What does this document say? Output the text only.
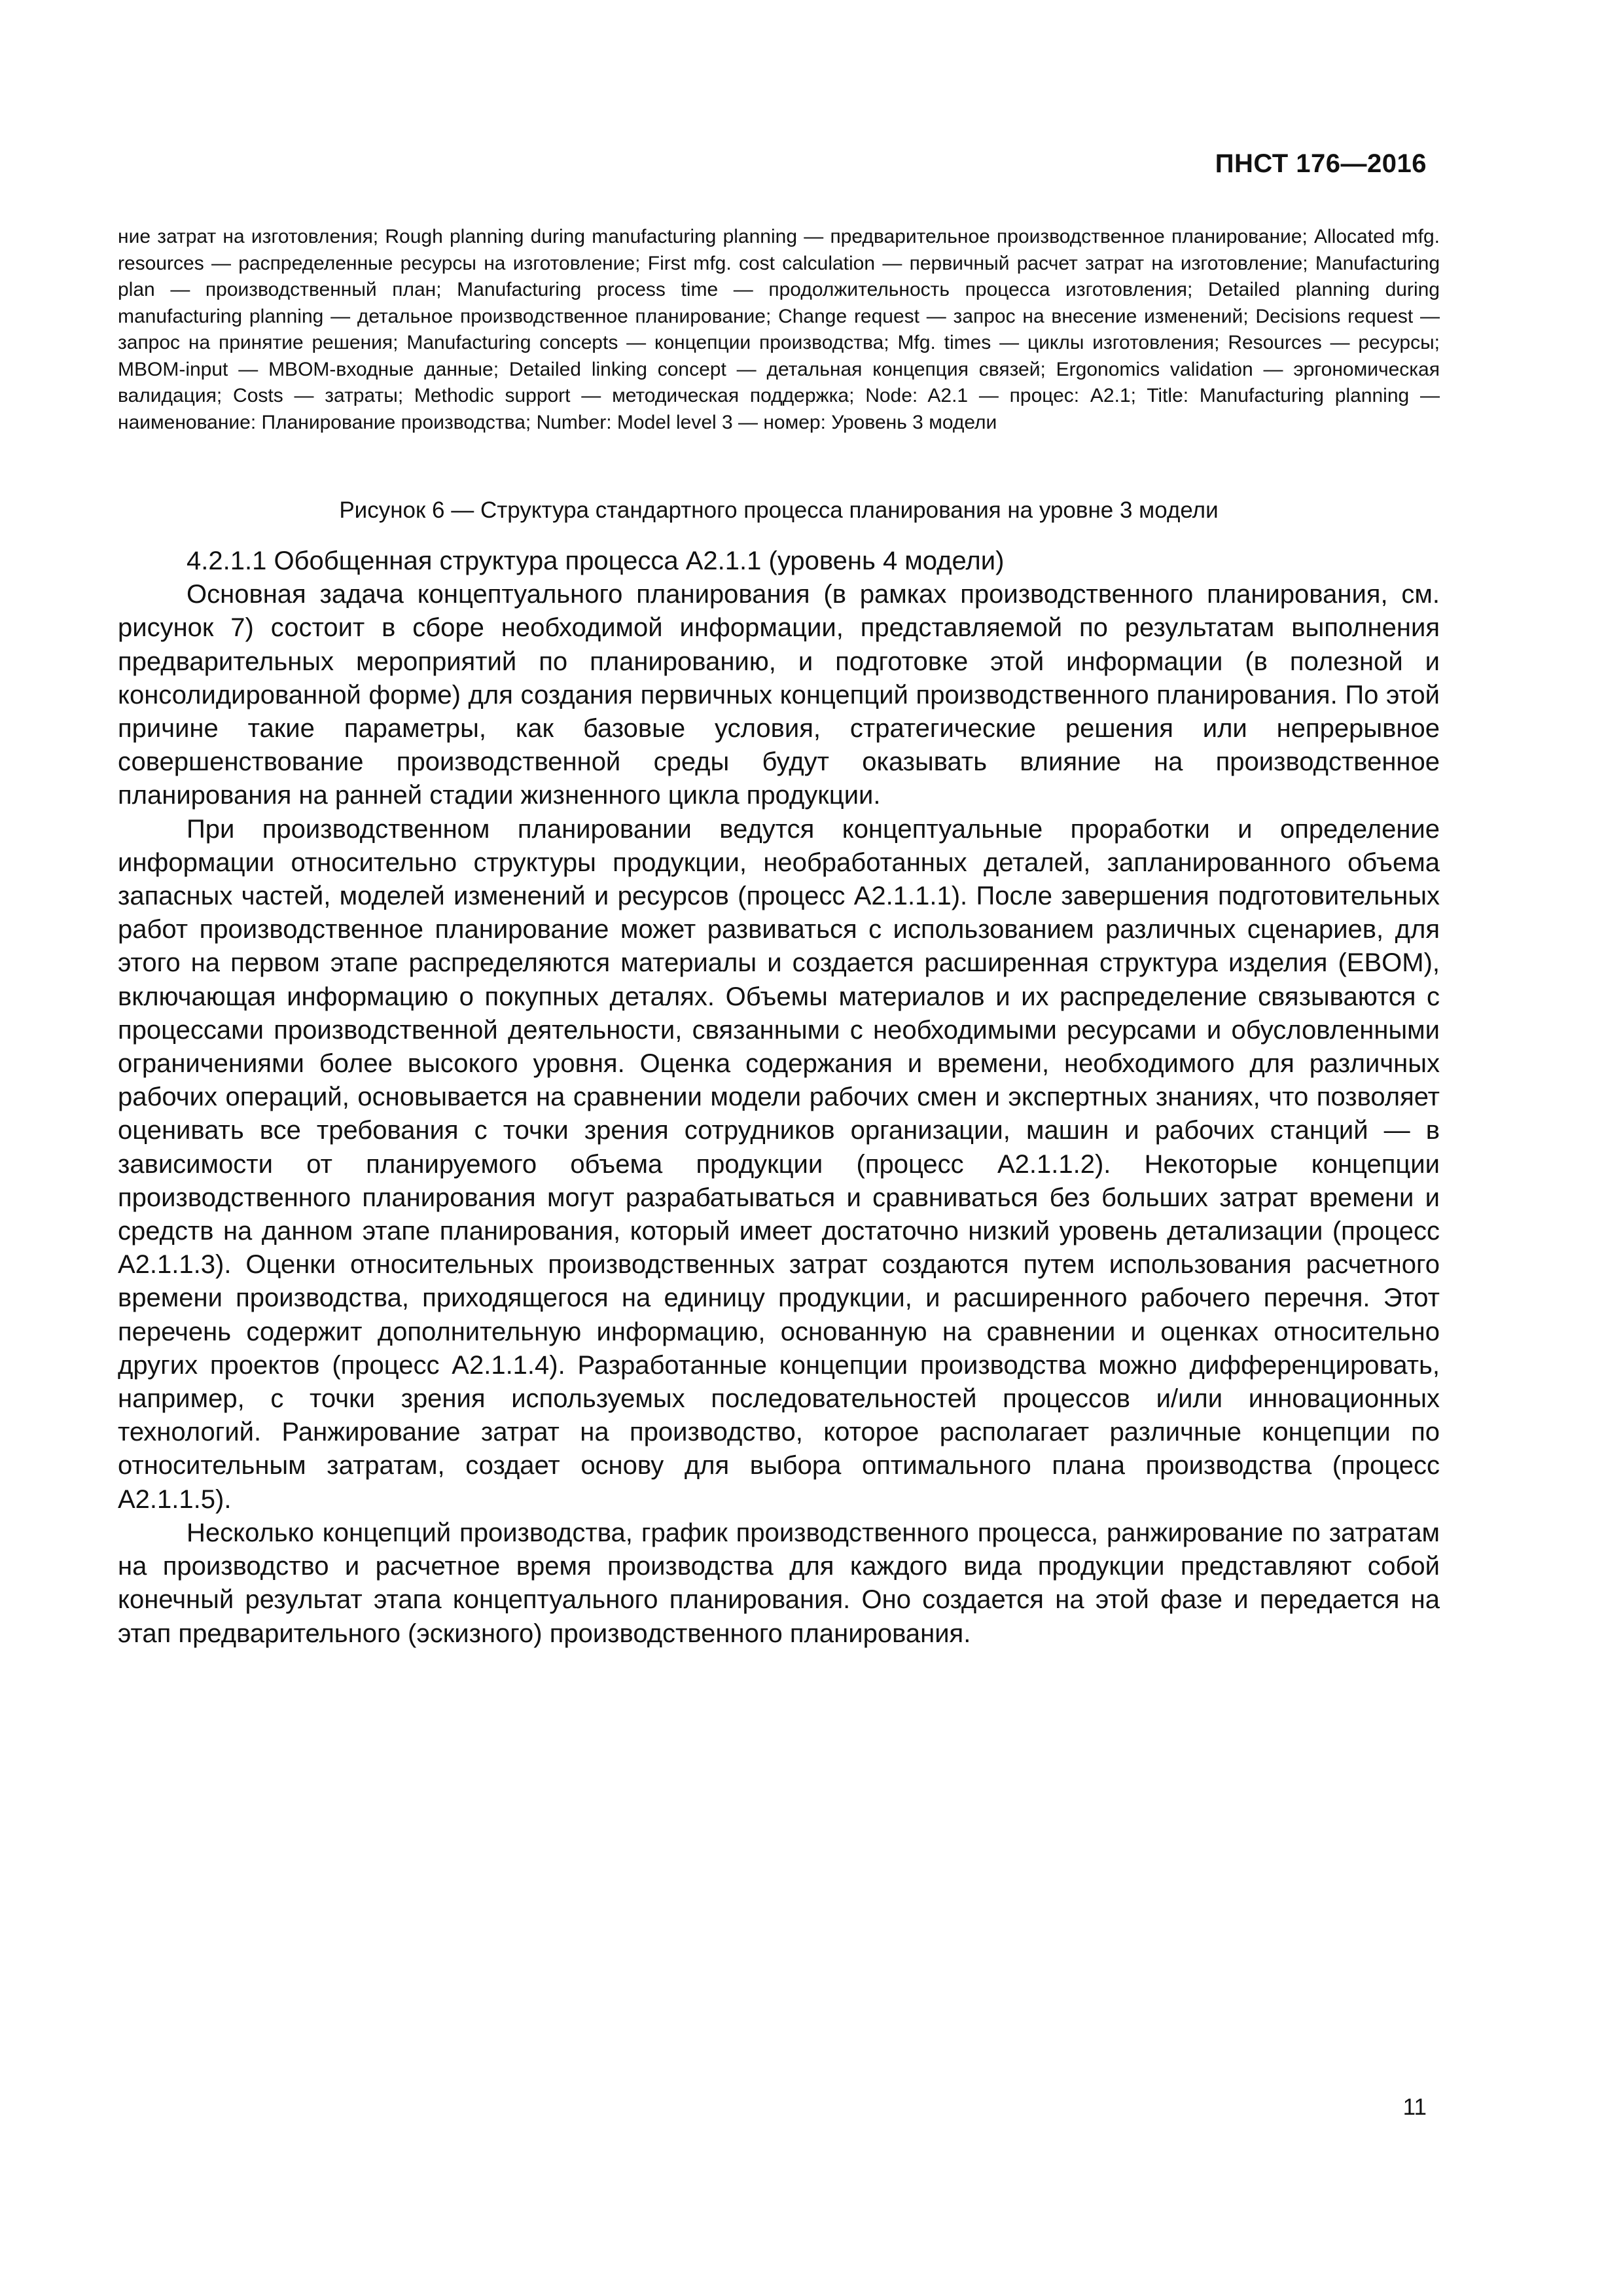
ПНСТ 176—2016
ние затрат на изготовления; Rough planning during manufacturing planning — предварительное производственное планирование; Allocated mfg. resources — распределенные ресурсы на изготовление; First mfg. cost calculation — первичный расчет затрат на изготовление; Manufacturing plan — производственный план; Manufacturing process time — продолжительность процесса изготовления; Detailed planning during manufacturing planning — детальное производственное планирование; Change request — запрос на внесение изменений; Decisions request — запрос на принятие решения; Manufacturing concepts — концепции производства; Mfg. times — циклы изготовления; Resources — ресурсы; MBOM-input — MBOM-входные данные; Detailed linking concept — детальная концепция связей; Ergonomics validation — эргономическая валидация; Costs — затраты; Methodic support — методическая поддержка; Node: A2.1 — процес: A2.1; Title: Manufacturing planning — наименование: Планирование производства; Number: Model level 3 — номер: Уровень 3 модели
Рисунок 6 — Структура стандартного процесса планирования на уровне 3 модели

4.2.1.1 Обобщенная структура процесса A2.1.1 (уровень 4 модели)

Основная задача концептуального планирования (в рамках производственного планирования, см. рисунок 7) состоит в сборе необходимой информации, представляемой по результатам выполнения предварительных мероприятий по планированию, и подготовке этой информации (в полезной и консолидированной форме) для создания первичных концепций производственного планирования. По этой причине такие параметры, как базовые условия, стратегические решения или непрерывное совершенствование производственной среды будут оказывать влияние на производственное планирования на ранней стадии жизненного цикла продукции.

При производственном планировании ведутся концептуальные проработки и определение информации относительно структуры продукции, необработанных деталей, запланированного объема запасных частей, моделей изменений и ресурсов (процесс A2.1.1.1). После завершения подготовительных работ производственное планирование может развиваться с использованием различных сценариев, для этого на первом этапе распределяются материалы и создается расширенная структура изделия (EBOM), включающая информацию о покупных деталях. Объемы материалов и их распределение связываются с процессами производственной деятельности, связанными с необходимыми ресурсами и обусловленными ограничениями более высокого уровня. Оценка содержания и времени, необходимого для различных рабочих операций, основывается на сравнении модели рабочих смен и экспертных знаниях, что позволяет оценивать все требования с точки зрения сотрудников организации, машин и рабочих станций — в зависимости от планируемого объема продукции (процесс A2.1.1.2). Некоторые концепции производственного планирования могут разрабатываться и сравниваться без больших затрат времени и средств на данном этапе планирования, который имеет достаточно низкий уровень детализации (процесс A2.1.1.3). Оценки относительных производственных затрат создаются путем использования расчетного времени производства, приходящегося на единицу продукции, и расширенного рабочего перечня. Этот перечень содержит дополнительную информацию, основанную на сравнении и оценках относительно других проектов (процесс A2.1.1.4). Разработанные концепции производства можно дифференцировать, например, с точки зрения используемых последовательностей процессов и/или инновационных технологий. Ранжирование затрат на производство, которое располагает различные концепции по относительным затратам, создает основу для выбора оптимального плана производства (процесс A2.1.1.5).

Несколько концепций производства, график производственного процесса, ранжирование по затратам на производство и расчетное время производства для каждого вида продукции представляют собой конечный результат этапа концептуального планирования. Оно создается на этой фазе и передается на этап предварительного (эскизного) производственного планирования.

11
